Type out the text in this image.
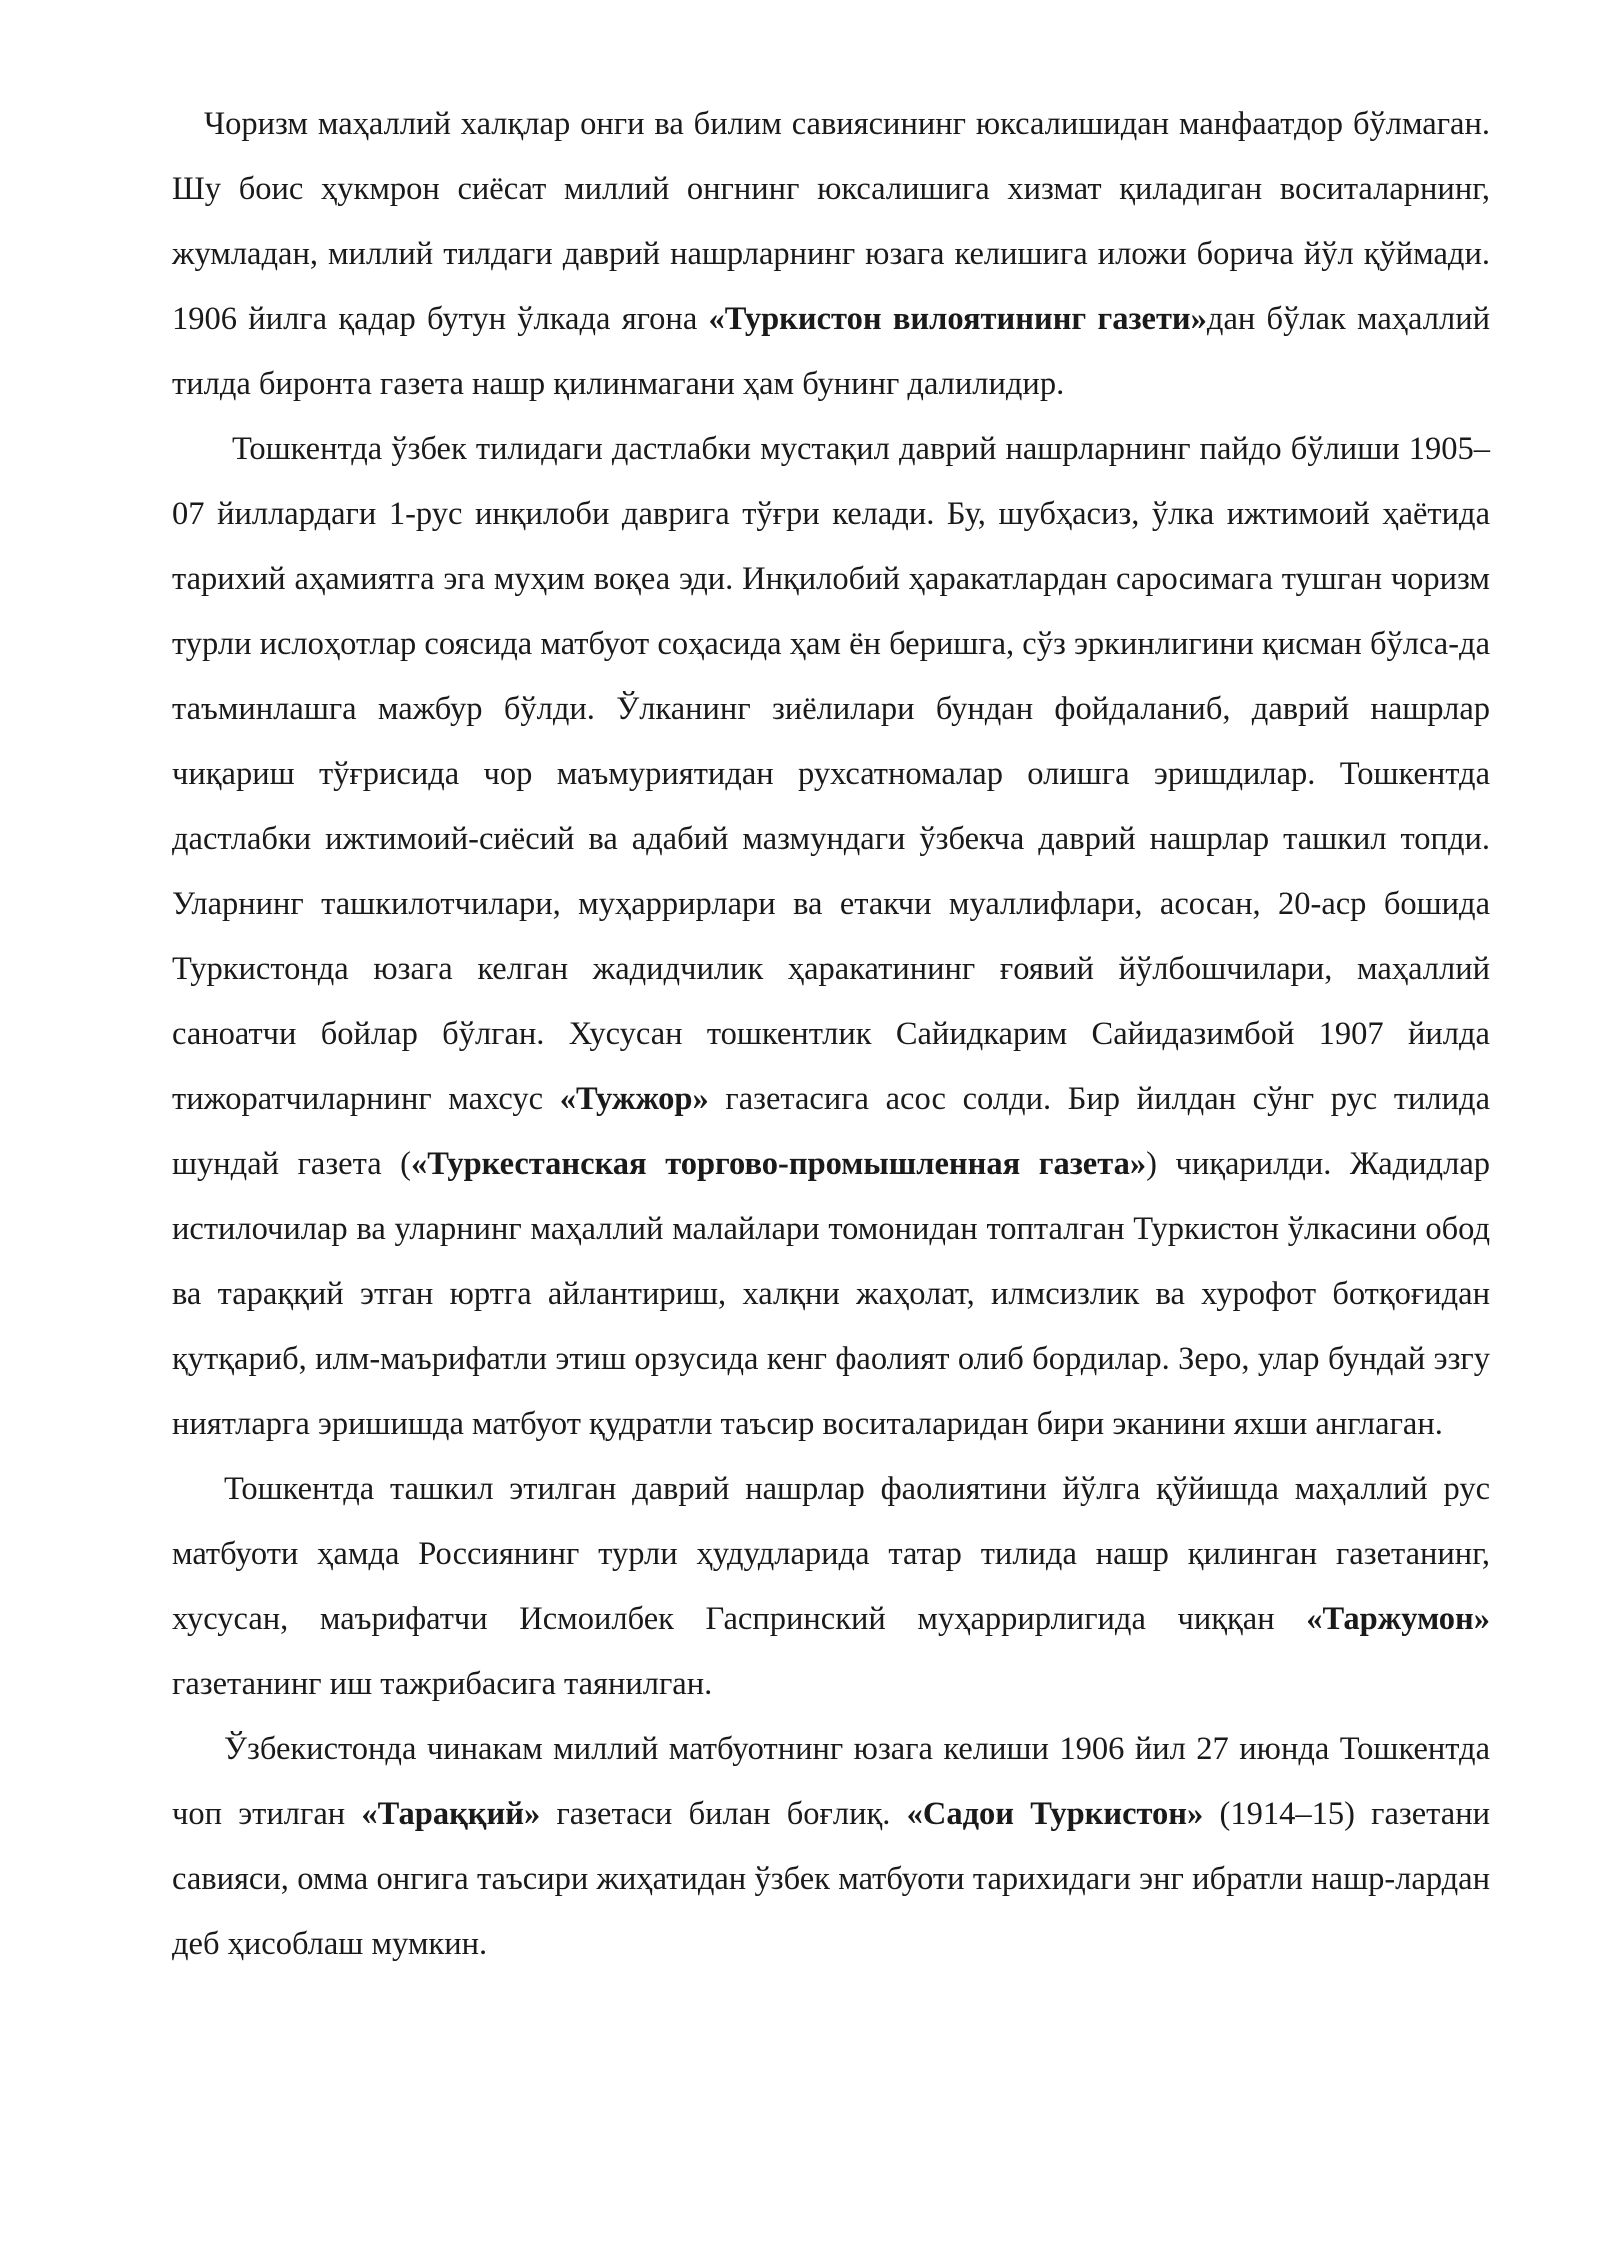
Чоризм маҳаллий халқлар онги ва билим савиясининг юксалишидан манфаатдор бўлмаган. Шу боис ҳукмрон сиёсат миллий онгнинг юксалишига хизмат қиладиган воситаларнинг, жумладан, миллий тилдаги даврий нашрларнинг юзага келишига иложи борича йўл қўймади. 1906 йилга қадар бутун ўлкада ягона «Туркистон вилоятининг газети»дан бўлак маҳаллий тилда биронта газета нашр қилинмагани ҳам бунинг далилидир.

Тошкентда ўзбек тилидаги дастлабки мустақил даврий нашрларнинг пайдо бўлиши 1905–07 йиллардаги 1-рус инқилоби даврига тўғри келади. Бу, шубҳасиз, ўлка ижтимоий ҳаётида тарихий аҳамиятга эга муҳим воқеа эди. Инқилобий ҳаракатлардан саросимага тушган чоризм турли ислоҳотлар соясида матбуот соҳасида ҳам ён беришга, сўз эркинлигини қисман бўлса-да таъминлашга мажбур бўлди. Ўлканинг зиёлилари бундан фойдаланиб, даврий нашрлар чиқариш тўғрисида чор маъмуриятидан рухсатномалар олишга эришдилар. Тошкентда дастлабки ижтимоий-сиёсий ва адабий мазмундаги ўзбекча даврий нашрлар ташкил топди. Уларнинг ташкилотчилари, муҳаррирлари ва етакчи муаллифлари, асосан, 20-аср бошида Туркистонда юзага келган жадидчилик ҳаракатининг ғоявий йўлбошчилари, маҳаллий саноатчи бойлар бўлган. Хусусан тошкентлик Сайидкарим Сайидазимбой 1907 йилда тижоратчиларнинг махсус «Тужжор» газетасига асос солди. Бир йилдан сўнг рус тилида шундай газета («Туркестанская торгово-промышленная газета») чиқарилди. Жадидлар истилочилар ва уларнинг маҳаллий малайлари томонидан топталган Туркистон ўлкасини обод ва тараққий этган юртга айлантириш, халқни жаҳолат, илмсизлик ва хурофот ботқоғидан қутқариб, илм-маърифатли этиш орзусида кенг фаолият олиб бордилар. Зеро, улар бундай эзгу ниятларга эришишда матбуот қудратли таъсир воситаларидан бири эканини яхши англаган.

Тошкентда ташкил этилган даврий нашрлар фаолиятини йўлга қўйишда маҳаллий рус матбуоти ҳамда Россиянинг турли ҳудудларида татар тилида нашр қилинган газетанинг, хусусан, маърифатчи Исмоилбек Гаспринский муҳаррирлигида чиққан «Таржумон» газетанинг иш тажрибасига таянилган.

Ўзбекистонда чинакам миллий матбуотнинг юзага келиши 1906 йил 27 июнда Тошкентда чоп этилган «Тараққий» газетаси билан боғлиқ. «Садои Туркистон» (1914–15) газетани савияси, омма онгига таъсири жиҳатидан ўзбек матбуоти тарихидаги энг ибратли нашр-лардан деб ҳисоблаш мумкин.
